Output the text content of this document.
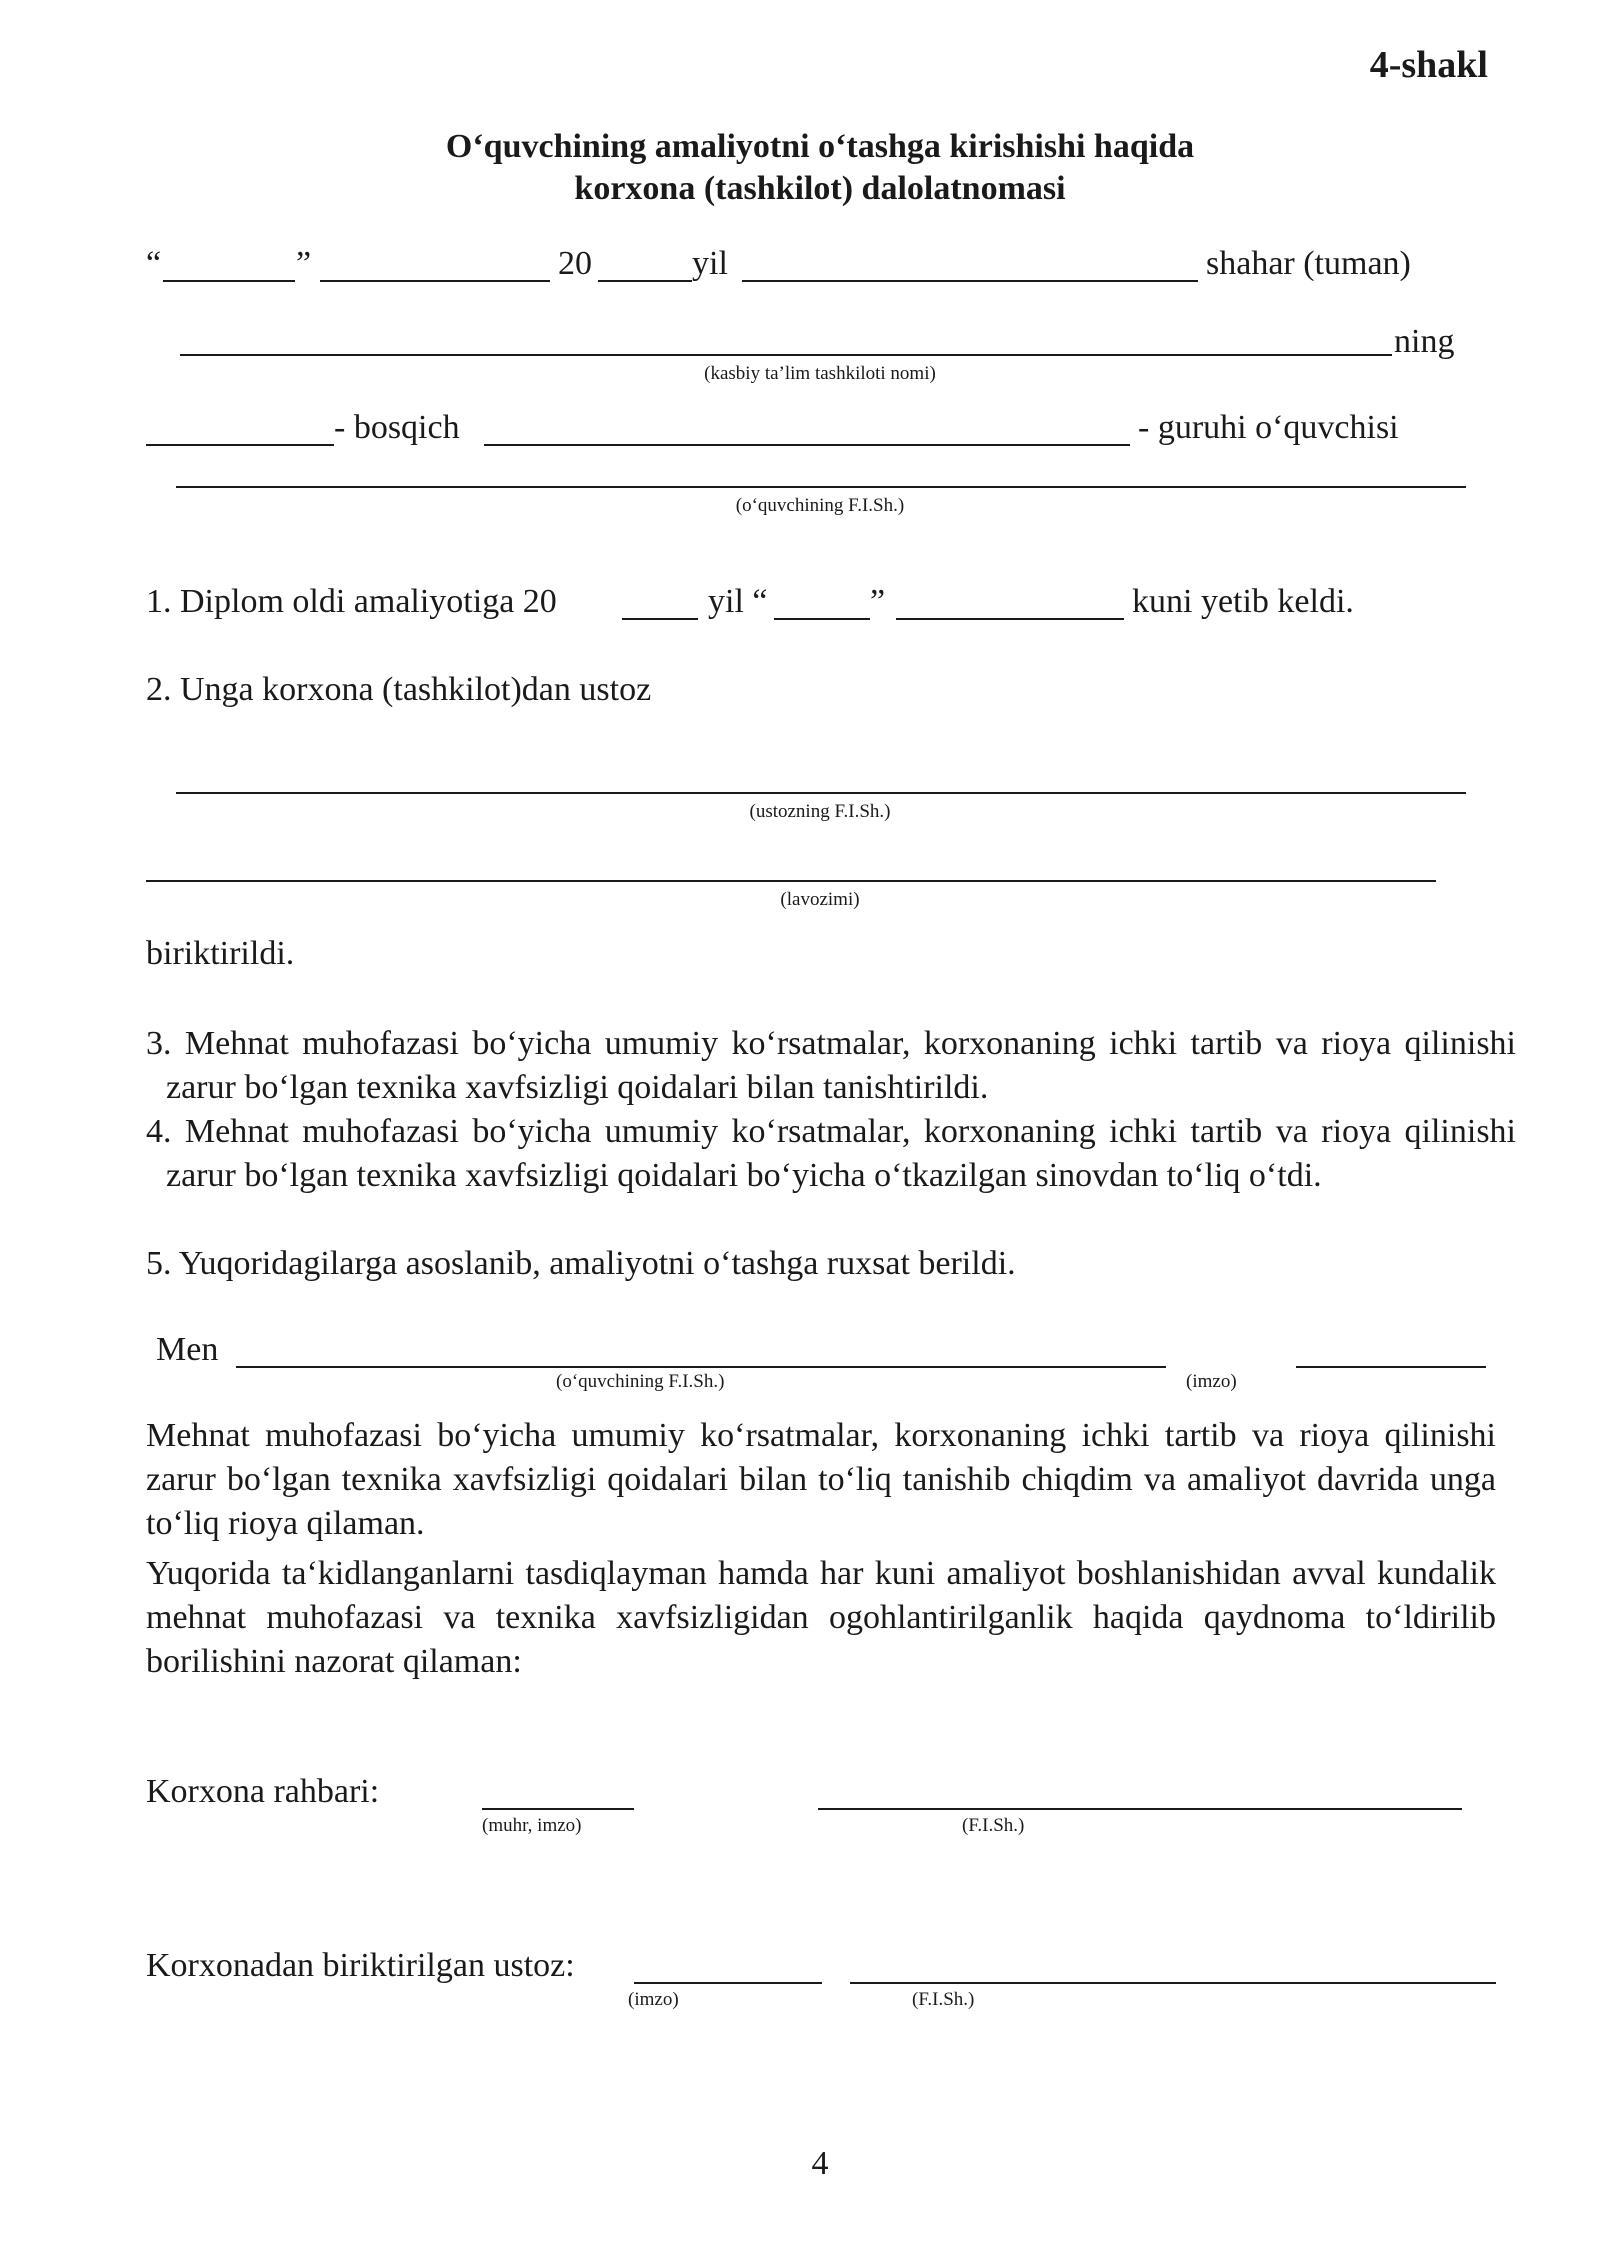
4-shakl
O‘quvchining amaliyotni o‘tashga kirishishi haqida
korxona (tashkilot) dalolatnomasi
“	”	20	yil	shahar (tuman)
ning
(kasbiy ta’lim tashkiloti nomi)
- bosqich	- guruhi o‘quvchisi
(o‘quvchining F.I.Sh.)
1. Diplom oldi amaliyotiga 20	yil “	”	kuni yetib keldi.
2. Unga korxona (tashkilot)dan ustoz
(ustozning F.I.Sh.)
(lavozimi)
biriktirildi.
3. Mehnat muhofazasi bo‘yicha umumiy ko‘rsatmalar, korxonaning ichki tartib va rioya qilinishi zarur bo‘lgan texnika xavfsizligi qoidalari bilan tanishtirildi.
4. Mehnat muhofazasi bo‘yicha umumiy ko‘rsatmalar, korxonaning ichki tartib va rioya qilinishi zarur bo‘lgan texnika xavfsizligi qoidalari bo‘yicha o‘tkazilgan sinovdan to‘liq o‘tdi.
5. Yuqoridagilarga asoslanib, amaliyotni o‘tashga ruxsat berildi.
Men
(o‘quvchining F.I.Sh.)	(imzo)
Mehnat muhofazasi bo‘yicha umumiy ko‘rsatmalar, korxonaning ichki tartib va rioya qilinishi zarur bo‘lgan texnika xavfsizligi qoidalari bilan to‘liq tanishib chiqdim va amaliyot davrida unga to‘liq rioya qilaman.
Yuqorida ta‘kidlanganlarni tasdiqlayman hamda har kuni amaliyot boshlanishidan avval kundalik mehnat muhofazasi va texnika xavfsizligidan ogohlantirilganlik haqida qaydnoma to‘ldirilib borilishini nazorat qilaman:
Korxona rahbari:
(muhr, imzo)	(F.I.Sh.)
Korxonadan biriktirilgan ustoz:
(imzo)	(F.I.Sh.)
4
